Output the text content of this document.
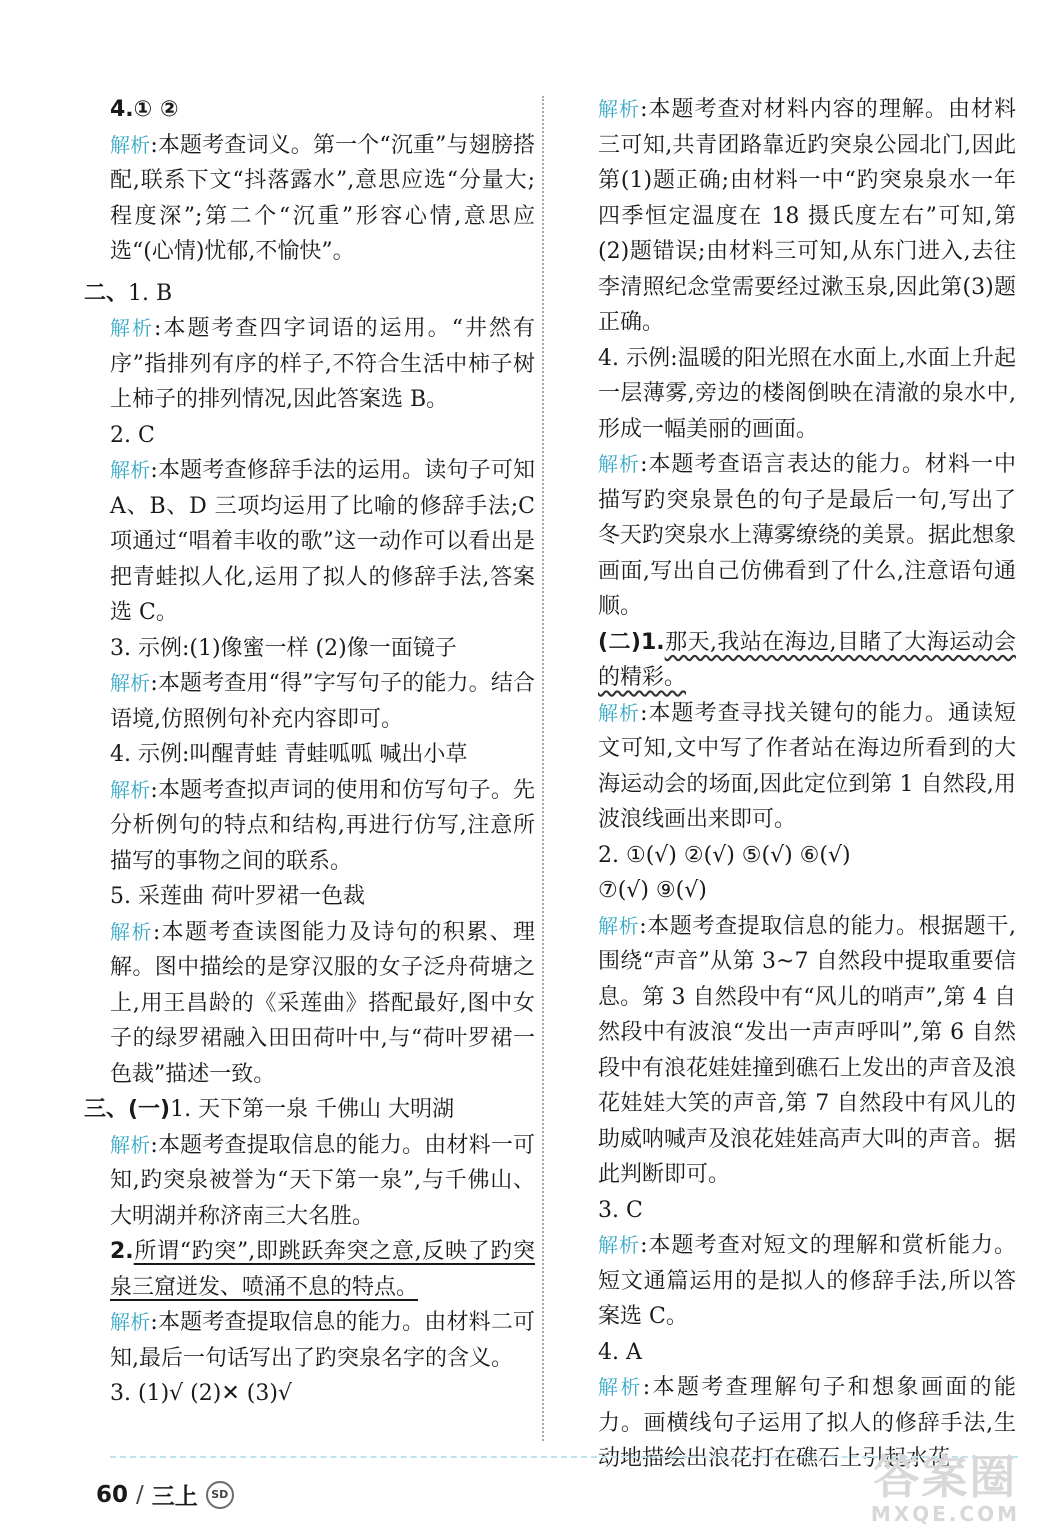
4.① ②

解析:本题考查词义。第一个“沉重”与翅膀搭配,联系下文“抖落露水”,意思应选“分量大;程度深”;第二个“沉重”形容心情,意思应选“(心情)忧郁,不愉快”。

二、1. B

解析:本题考查四字词语的运用。“井然有序”指排列有序的样子,不符合生活中柿子树上柿子的排列情况,因此答案选 B。

2. C

解析:本题考查修辞手法的运用。读句子可知 A、B、D 三项均运用了比喻的修辞手法;C 项通过“唱着丰收的歌”这一动作可以看出是把青蛙拟人化,运用了拟人的修辞手法,答案选 C。

3. 示例:(1)像蜜一样 (2)像一面镜子

解析:本题考查用“得”字写句子的能力。结合语境,仿照例句补充内容即可。

4. 示例:叫醒青蛙 青蛙呱呱 喊出小草

解析:本题考查拟声词的使用和仿写句子。先分析例句的特点和结构,再进行仿写,注意所描写的事物之间的联系。

5. 采莲曲 荷叶罗裙一色裁

解析:本题考查读图能力及诗句的积累、理解。图中描绘的是穿汉服的女子泛舟荷塘之上,用王昌龄的《采莲曲》搭配最好,图中女子的绿罗裙融入田田荷叶中,与“荷叶罗裙一色裁”描述一致。

三、(一)1. 天下第一泉 千佛山 大明湖

解析:本题考查提取信息的能力。由材料一可知,趵突泉被誉为“天下第一泉”,与千佛山、大明湖并称济南三大名胜。

2.所谓“趵突”,即跳跃奔突之意,反映了趵突泉三窟迸发、喷涌不息的特点。

解析:本题考查提取信息的能力。由材料二可知,最后一句话写出了趵突泉名字的含义。

3. (1)√ (2)✕ (3)√

解析:本题考查对材料内容的理解。由材料三可知,共青团路靠近趵突泉公园北门,因此第(1)题正确;由材料一中“趵突泉泉水一年四季恒定温度在 18 摄氏度左右”可知,第(2)题错误;由材料三可知,从东门进入,去往李清照纪念堂需要经过漱玉泉,因此第(3)题正确。

4. 示例:温暖的阳光照在水面上,水面上升起一层薄雾,旁边的楼阁倒映在清澈的泉水中,形成一幅美丽的画面。

解析:本题考查语言表达的能力。材料一中描写趵突泉景色的句子是最后一句,写出了冬天趵突泉水上薄雾缭绕的美景。据此想象画面,写出自己仿佛看到了什么,注意语句通顺。

(二)1.那天,我站在海边,目睹了大海运动会的精彩。

解析:本题考查寻找关键句的能力。通读短文可知,文中写了作者站在海边所看到的大海运动会的场面,因此定位到第 1 自然段,用波浪线画出来即可。

2. ①(√) ②(√) ⑤(√) ⑥(√)

⑦(√) ⑨(√)

解析:本题考查提取信息的能力。根据题干,围绕“声音”从第 3~7 自然段中提取重要信息。第 3 自然段中有“风儿的哨声”,第 4 自然段中有波浪“发出一声声呼叫”,第 6 自然段中有浪花娃娃撞到礁石上发出的声音及浪花娃娃大笑的声音,第 7 自然段中有风儿的助威呐喊声及浪花娃娃高声大叫的声音。据此判断即可。

3. C

解析:本题考查对短文的理解和赏析能力。短文通篇运用的是拟人的修辞手法,所以答案选 C。

4. A

解析:本题考查理解句子和想象画面的能力。画横线句子运用了拟人的修辞手法,生动地描绘出浪花打在礁石上引起水花

60 / 三上	SD	答案圈
MXQE.COM
